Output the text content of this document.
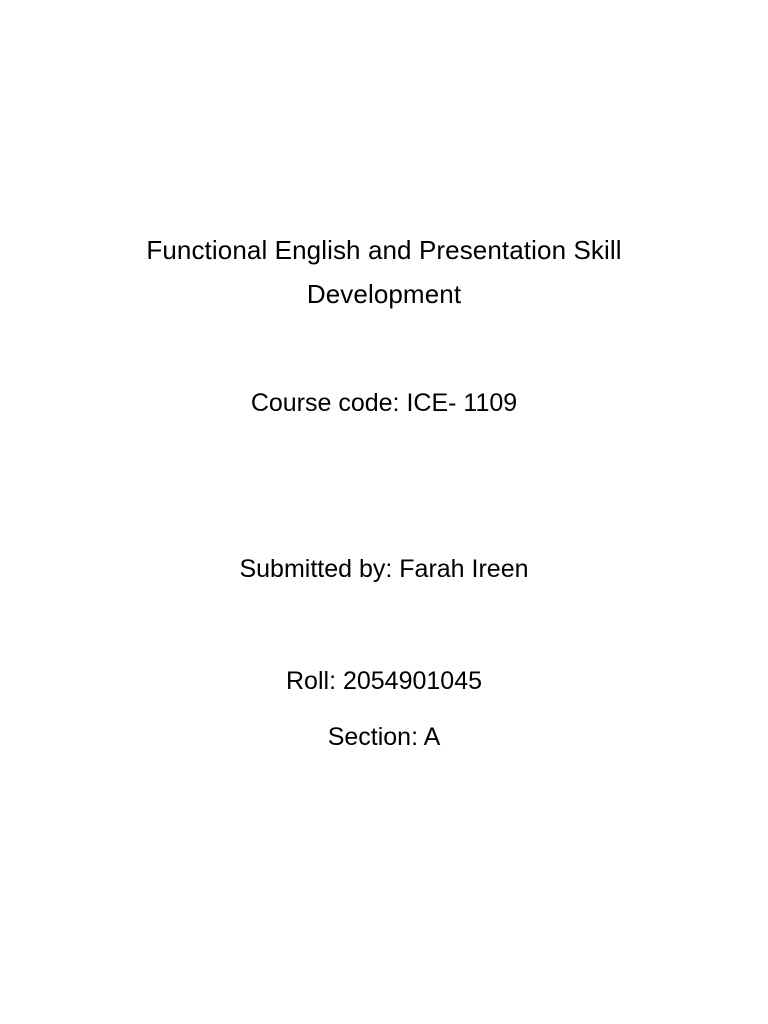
Functional English and Presentation Skill Development

Course code: ICE- 1109

Submitted by: Farah Ireen

Roll: 2054901045

Section: A
